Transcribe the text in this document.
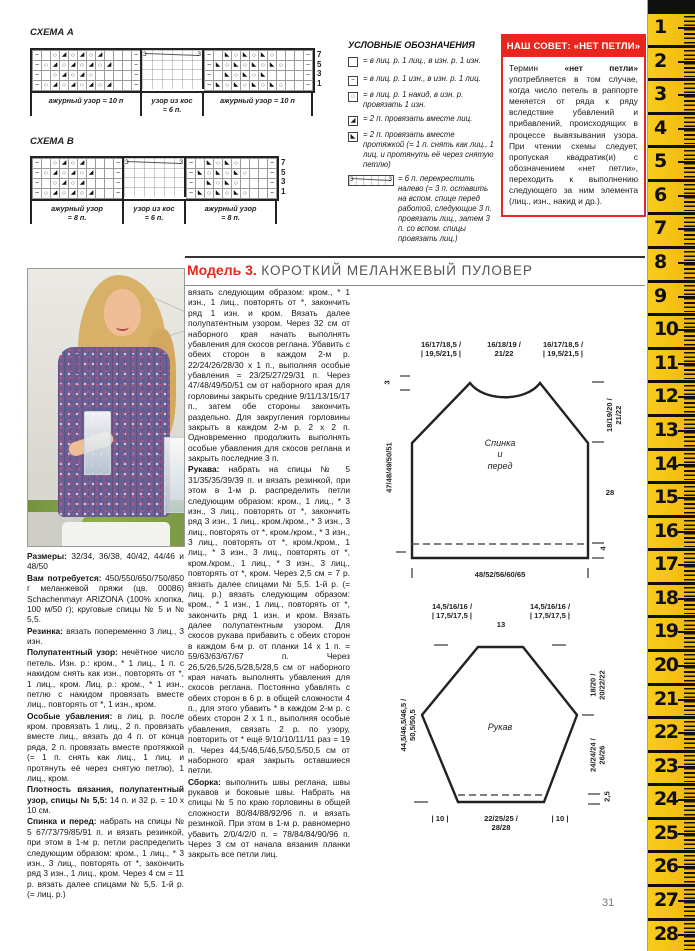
СХЕМА A
−		○	◢	○	◢	○	◢				−
−	○	◢	○	◢	○	◢	○	◢			−
−		○	◢	○	◢	○					−
−	○	◢	○	◢	○	◢	○	◢			−
3	3 −		◣	○	◣	○	◣	○				−
−	◣	○	◣	○	◣	○	◣	○			−
−		◣	○	◣	○	◣					−
−	◣	○	◣	○	◣	○	◣	○			−
7
5
3
1
ажурный узор = 10 п	узор из кос
= 6 п.
ажурный узор = 10 п
СХЕМА B
−		○	◢	○	◢				−
−	○	◢	○	◢	○	◢			−
−		○	◢	○	◢				−
−	○	◢	○	◢	○	◢			−
3	3 −		◣	○	◣	○				−
−	◣	○	◣	○	◣	○			−
−		◣	○	◣	○				−
−	◣	○	◣	○	◣	○			−
7
5
3
1
ажурный узор
= 8 п.
узор из кос
= 6 п.
ажурный узор
= 8 п.
УСЛОВНЫЕ ОБОЗНАЧЕНИЯ
= в лиц. р. 1 лиц., в изн. р. 1 изн.
−	= в лиц. р. 1 изн., в изн. р. 1 лиц.
○	= в лиц. р. 1 накид, в изн. р. провязать 1 изн.
◢ = 2 п. провязать вместе лиц.
◣ = 2 п. провязать вместе протяжкой (= 1 п. снять как лиц., 1 лиц. и протянуть её через снятую петлю)
3	3 = 6 п. перекрестить налево (= 3 п. оставить на вспом. спице перед работой, следующие 3 п. провязать лиц., затем 3 п. со вспом. спицы провязать лиц.)
НАШ СОВЕТ: «НЕТ ПЕТЛИ»
Термин «нет петли» употребляется в том случае, когда число петель в раппорте меняется от ряда к ряду вследствие убавлений и прибавлений, происходящих в процессе вывязывания узора. При чтении схемы следует, пропуская квадратик(и) с обозначением «нет петли», переходить к выполнению следующего за ним элемента (лиц., изн., накид и др.).
Модель 3. КОРОТКИЙ МЕЛАНЖЕВЫЙ ПУЛОВЕР

Размеры: 32/34, 36/38, 40/42, 44/46 и 48/50

Вам потребуется: 450/550/650/750/850 г меланжевой пряжи (цв. 00086) Schachenmayr ARIZONA (100% хлопка, 100 м/50 г); круговые спицы № 5 и № 5,5.

Резинка: вязать попеременно 3 лиц., 3 изн.

Полупатентный узор: нечётное число петель. Изн. р.: кром., * 1 лиц., 1 п. с накидом снять как изн., повторять от *, 1 лиц., кром. Лиц. р.: кром., * 1 изн., петлю с накидом провязать вместе лиц., повторять от *, 1 изн., кром.

Особые убавления: в лиц. р. после кром. провязать 1 лиц., 2 п. провязать вместе лиц., вязать до 4 п. от конца ряда, 2 п. провязать вместе протяжкой (= 1 п. снять как лиц., 1 лиц. и протянуть её через снятую петлю), 1 лиц., кром.

Плотность вязания, полупатентный узор, спицы № 5,5: 14 п. и 32 р. = 10 х 10 см.

Спинка и перед: набрать на спицы № 5 67/73/79/85/91 п. и вязать резинкой, при этом в 1-м р. петли распределить следующим образом: кром., 1 лиц., * 3 изн., 3 лиц., повторять от *, закончить ряд 3 изн., 1 лиц., кром. Через 4 см = 11 р. вязать далее спицами № 5,5. 1-й р. (= лиц. р.)

вязать следующим образом: кром., * 1 изн., 1 лиц., повторять от *, закончить ряд 1 изн. и кром. Вязать далее полупатентным узором. Через 32 см от наборного края начать выполнять убавления для скосов реглана. Убавить с обеих сторон в каждом 2-м р. 22/24/26/28/30 х 1 п., выполняя особые убавления = 23/25/27/29/31 п. Через 47/48/49/50/51 см от наборного края для горловины закрыть средние 9/11/13/15/17 п., затем обе стороны закончить раздельно. Для закругления горловины закрыть в каждом 2-м р. 2 х 2 п. Одновременно продолжить выполнять особые убавления для скосов реглана и закрыть последние 3 п.

Рукава: набрать на спицы № 5 31/35/35/39/39 п. и вязать резинкой, при этом в 1-м р. распределить петли следующим образом: кром., 1 лиц., * 3 изн., 3 лиц., повторять от *, закончить ряд 3 изн., 1 лиц., кром./кром., * 3 изн., 3 лиц., повторять от *, кром./кром., * 3 изн., 3 лиц., повторять от *, кром./кром., 1 лиц., * 3 изн., 3 лиц., повторять от *, кром./кром., 1 лиц., * 3 изн., 3 лиц., повторять от *, кром. Через 2,5 см = 7 р. вязать далее спицами № 5,5. 1-й р. (= лиц. р.) вязать следующим образом: кром., * 1 изн., 1 лиц., повторять от *, закончить ряд 1 изн. и кром. Вязать далее полупатентным узором. Для скосов рукава прибавить с обеих сторон в каждом 6-м р. от планки 14 х 1 п. = 59/63/63/67/67 п. Через 26,5/26,5/26,5/28,5/28,5 см от наборного края начать выполнять убавления для скосов реглана. Постоянно убавлять с обеих сторон в 6 р. в общей сложности 4 п., для этого убавить * в каждом 2-м р. с обеих сторон 2 х 1 п., выполняя особые убавления, связать 2 р. по узору, повторить от * ещё 9/10/10/11/11 раз = 19 п. Через 44,5/46,5/46,5/50,5/50,5 см от наборного края закрыть оставшиеся петли.

Сборка: выполнить швы реглана, швы рукавов и боковые швы. Набрать на спицы № 5 по краю горловины в общей сложности 80/84/88/92/96 п. и вязать резинкой. При этом в 1-м р. равномерно убавить 2/0/4/2/0 п. = 78/84/84/90/96 п. Через 3 см от начала вязания планки закрыть все петли лиц.

16/17/18,5 /
| 19,5/21,5 |
16/18/19 /
21/22
16/17/18,5 /
| 19,5/21,5 |
3
47/48/49/50/51
18/19/20 /
21/22
28
4
Спинка
и
перед
48/52/56/60/65
14,5/16/16 /
| 17,5/17,5 |
13
14,5/16/16 /
| 17,5/17,5 |
44,5/46,5/46,5 /
50,5/50,5
18/20 /
20/22/22
24/24/24 /
26/26
2,5
Рукав
| 10 |	22/25/25 /
28/28
| 10 |
1
2
3
4
5
6
7
8
9
10
11
12
13
14
15
16
17
18
19
20
21
22
23
24
25
26
27
28
31
